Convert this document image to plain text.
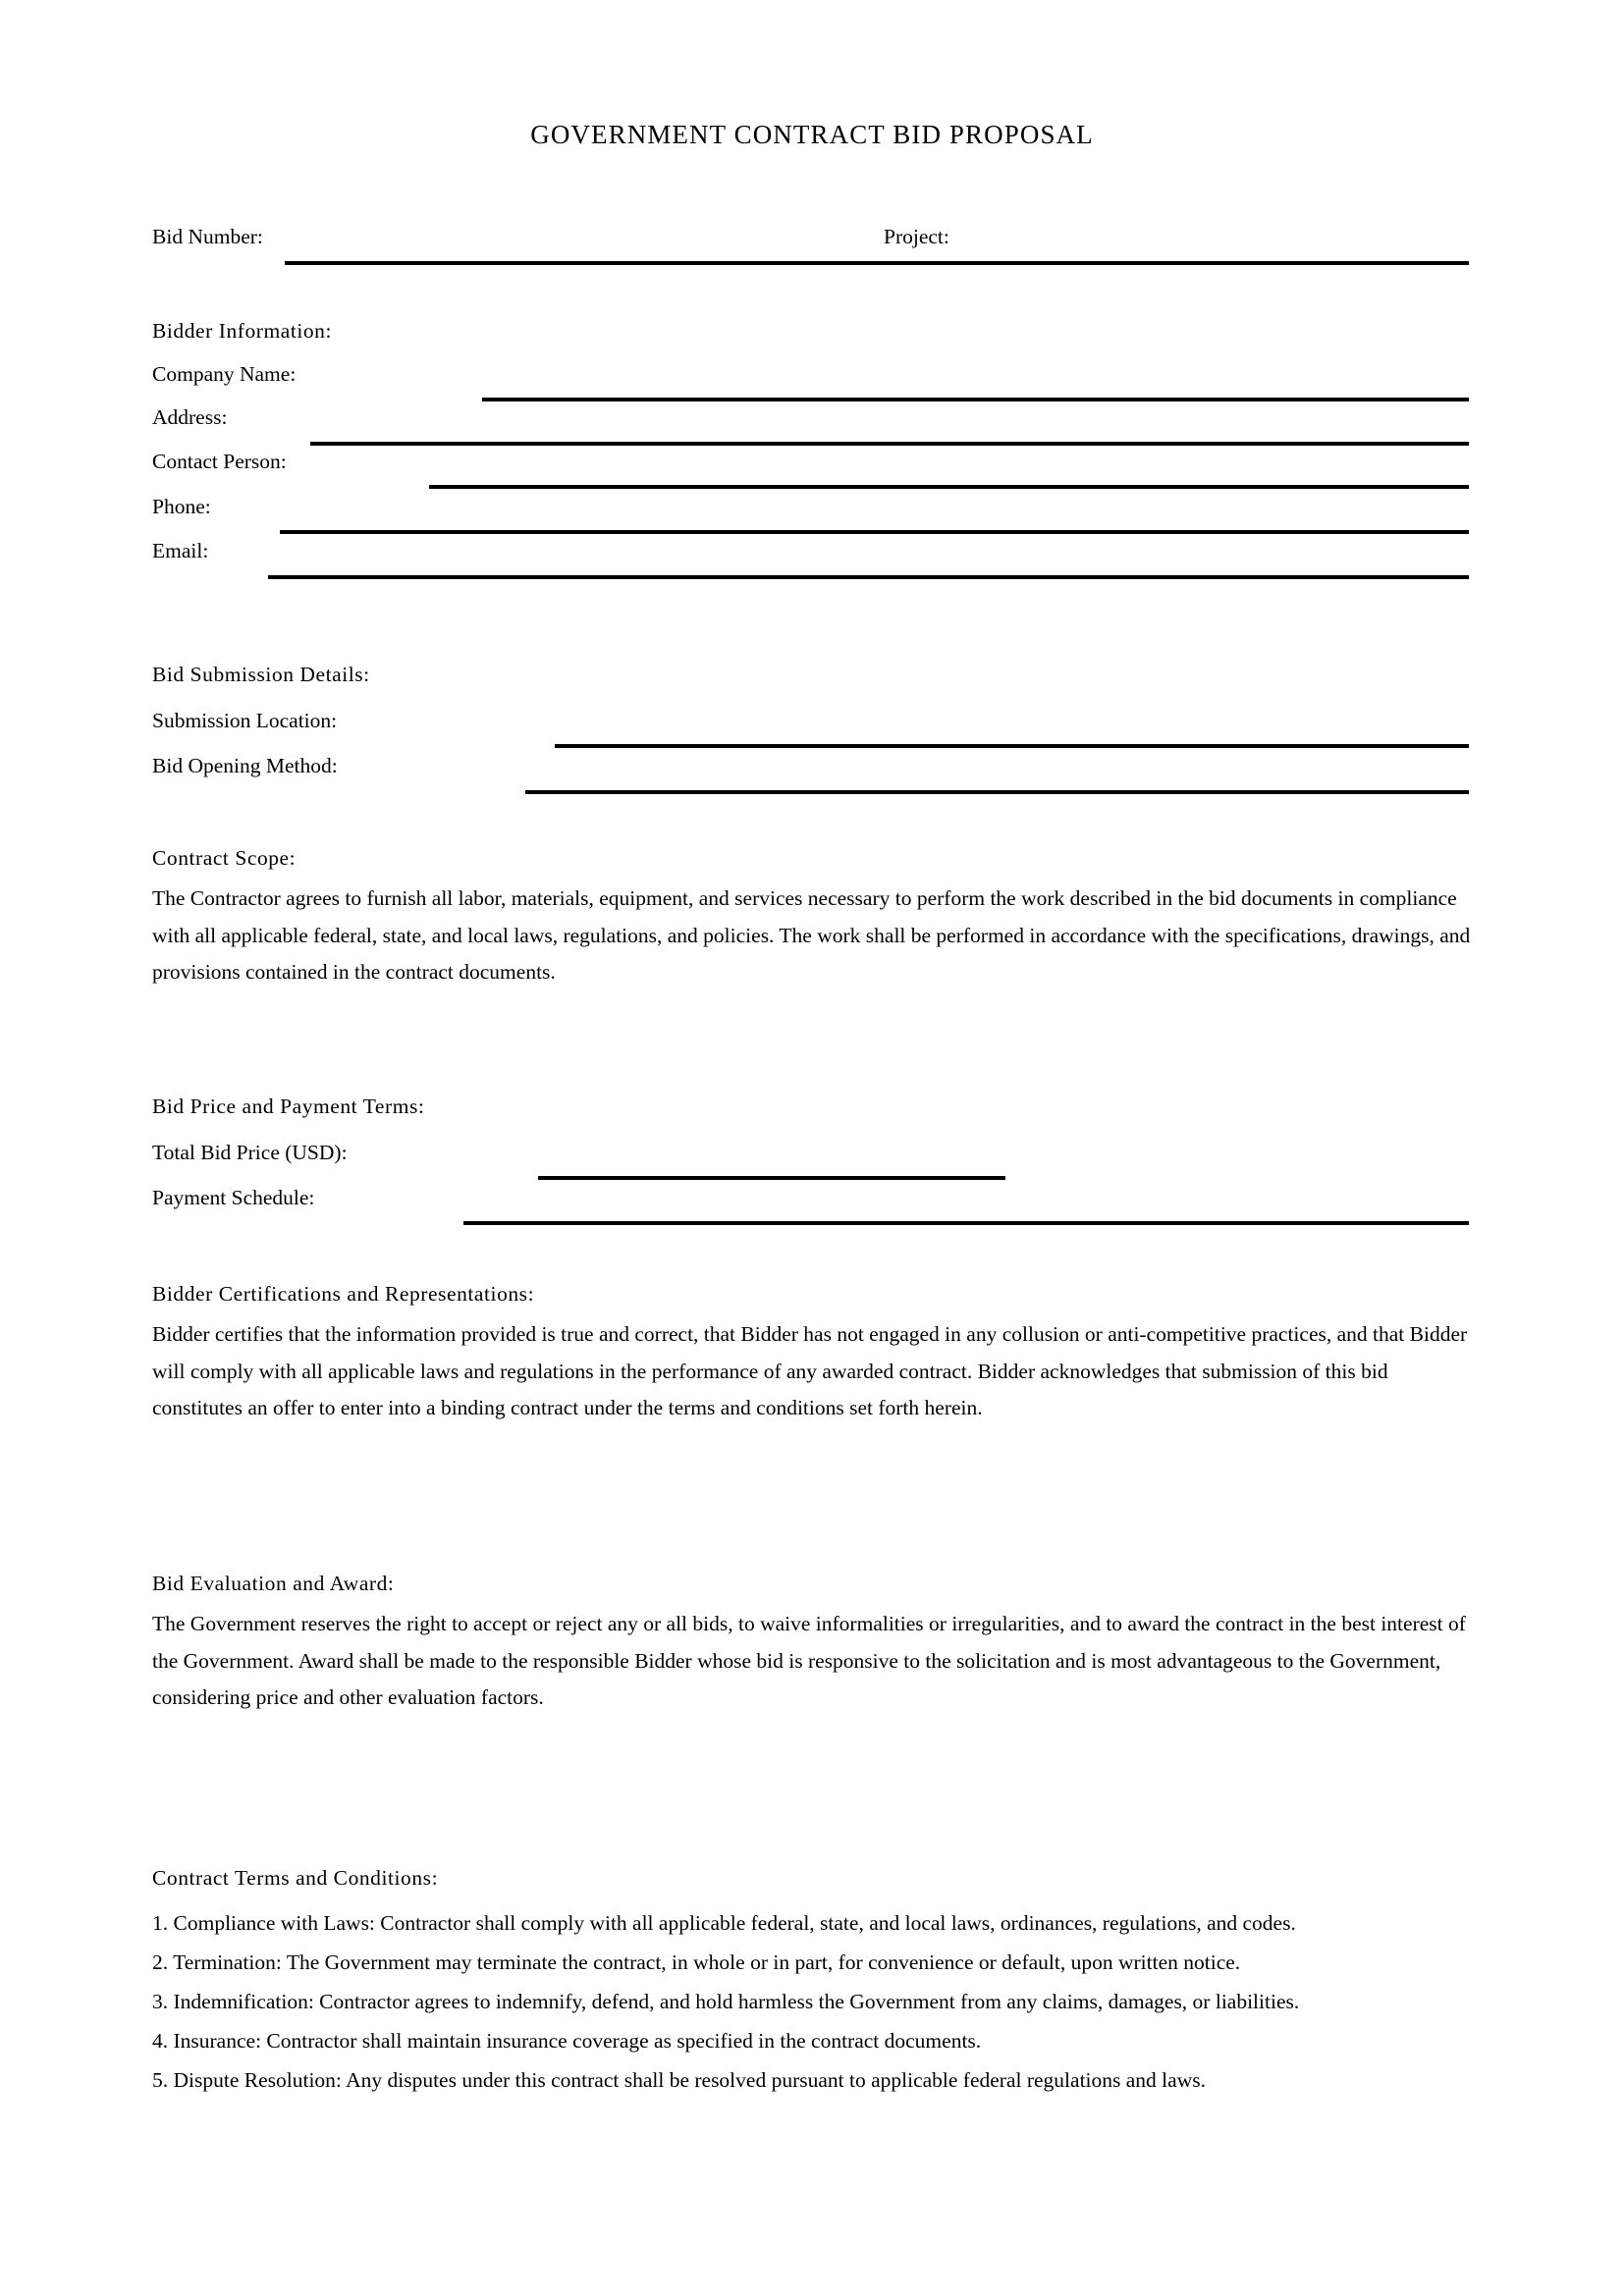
GOVERNMENT CONTRACT BID PROPOSAL
Bid Number:	Project:
Bidder Information:
Company Name:
Address:
Contact Person:
Phone:
Email:
Bid Submission Details:
Submission Location:
Bid Opening Method:
Contract Scope:
The Contractor agrees to furnish all labor, materials, equipment, and services necessary to perform the work described in the bid documents in compliance with all applicable federal, state, and local laws, regulations, and policies. The work shall be performed in accordance with the specifications, drawings, and provisions contained in the contract documents.
Bid Price and Payment Terms:
Total Bid Price (USD):
Payment Schedule:
Bidder Certifications and Representations:
Bidder certifies that the information provided is true and correct, that Bidder has not engaged in any collusion or anti-competitive practices, and that Bidder will comply with all applicable laws and regulations in the performance of any awarded contract. Bidder acknowledges that submission of this bid constitutes an offer to enter into a binding contract under the terms and conditions set forth herein.
Bid Evaluation and Award:
The Government reserves the right to accept or reject any or all bids, to waive informalities or irregularities, and to award the contract in the best interest of the Government. Award shall be made to the responsible Bidder whose bid is responsive to the solicitation and is most advantageous to the Government, considering price and other evaluation factors.
Contract Terms and Conditions:
1. Compliance with Laws: Contractor shall comply with all applicable federal, state, and local laws, ordinances, regulations, and codes.
2. Termination: The Government may terminate the contract, in whole or in part, for convenience or default, upon written notice.
3. Indemnification: Contractor agrees to indemnify, defend, and hold harmless the Government from any claims, damages, or liabilities.
4. Insurance: Contractor shall maintain insurance coverage as specified in the contract documents.
5. Dispute Resolution: Any disputes under this contract shall be resolved pursuant to applicable federal regulations and laws.
